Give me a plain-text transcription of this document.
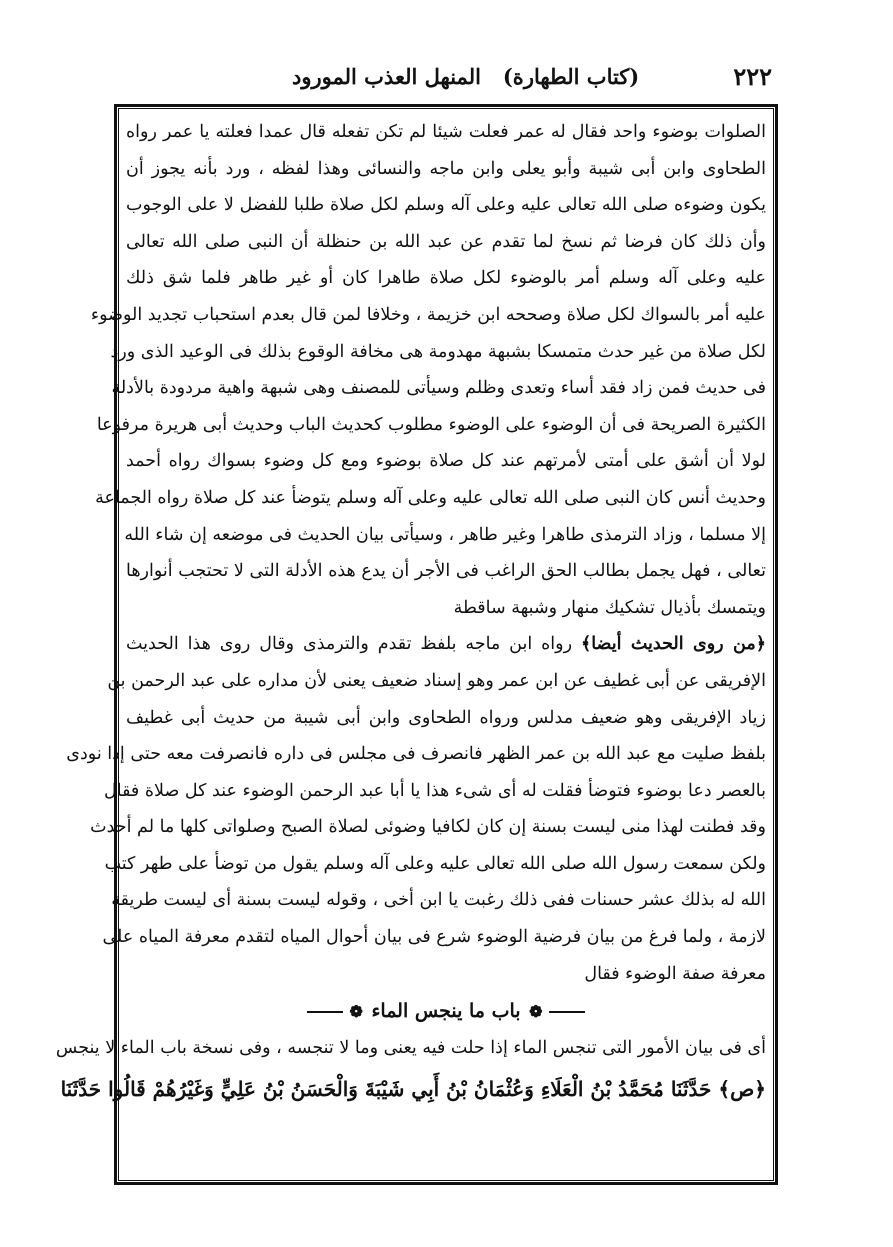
٢٢٢
(كتاب الطهارة)   المنهل العذب المورود
الصلوات بوضوء واحد فقال له عمر فعلت شيئا لم تكن تفعله قال عمدا فعلته يا عمر رواه
الطحاوى وابن أبى شيبة وأبو يعلى وابن ماجه والنسائى وهذا لفظه ، ورد بأنه يجوز أن
يكون وضوءه صلى الله تعالى عليه وعلى آله وسلم لكل صلاة طلبا للفضل لا على الوجوب
وأن ذلك كان فرضا ثم نسخ لما تقدم عن عبد الله بن حنظلة أن النبى صلى الله تعالى
عليه وعلى آله وسلم أمر بالوضوء لكل صلاة طاهرا كان أو غير طاهر فلما شق ذلك
عليه أمر بالسواك لكل صلاة وصححه ابن خزيمة ، وخلافا لمن قال بعدم استحباب تجديد الوضوء
لكل صلاة من غير حدث متمسكا بشبهة مهدومة هى مخافة الوقوع بذلك فى الوعيد الذى ورد
فى حديث فمن زاد فقد أساء وتعدى وظلم وسيأتى للمصنف وهى شبهة واهية مردودة بالأدلة
الكثيرة الصريحة فى أن الوضوء على الوضوء مطلوب كحديث الباب وحديث أبى هريرة مرفوعا
لولا أن أشق على أمتى لأمرتهم عند كل صلاة بوضوء ومع كل وضوء بسواك رواه أحمد
وحديث أنس كان النبى صلى الله تعالى عليه وعلى آله وسلم يتوضأ عند كل صلاة رواه الجماعة
إلا مسلما ، وزاد الترمذى طاهرا وغير طاهر ، وسيأتى بيان الحديث فى موضعه إن شاء الله
تعالى ، فهل يجمل بطالب الحق الراغب فى الأجر أن يدع هذه الأدلة التى لا تحتجب أنوارها
ويتمسك بأذيال تشكيك منهار وشبهة ساقطة
﴿من روى الحديث أيضا﴾ رواه ابن ماجه بلفظ تقدم والترمذى وقال روى هذا الحديث
الإفريقى عن أبى غطيف عن ابن عمر وهو إسناد ضعيف يعنى لأن مداره على عبد الرحمن بن
زياد الإفريقى وهو ضعيف مدلس ورواه الطحاوى وابن أبى شيبة من حديث أبى غطيف
بلفظ صليت مع عبد الله بن عمر الظهر فانصرف فى مجلس فى داره فانصرفت معه حتى إذا نودى
بالعصر دعا بوضوء فتوضأ فقلت له أى شىء هذا يا أبا عبد الرحمن الوضوء عند كل صلاة فقال
وقد فطنت لهذا منى ليست بسنة إن كان لكافيا وضوئى لصلاة الصبح وصلواتى كلها ما لم أحدث
ولكن سمعت رسول الله صلى الله تعالى عليه وعلى آله وسلم يقول من توضأ على طهر كتب
الله له بذلك عشر حسنات ففى ذلك رغبت يا ابن أخى ، وقوله ليست بسنة أى ليست طريقة
لازمة ، ولما فرغ من بيان فرضية الوضوء شرع فى بيان أحوال المياه لتقدم معرفة المياه على
معرفة صفة الوضوء فقال
❁ باب ما ينجس الماء ❁
أى فى بيان الأمور التى تنجس الماء إذا حلت فيه يعنى وما لا تنجسه ، وفى نسخة باب الماء لا ينجس
﴿ص﴾ حَدَّثَنَا مُحَمَّدُ بْنُ الْعَلَاءِ وَعُثْمَانُ بْنُ أَبِي شَيْبَةَ وَالْحَسَنُ بْنُ عَلِيٍّ وَغَيْرُهُمْ قَالُوا حَدَّثَنَا
